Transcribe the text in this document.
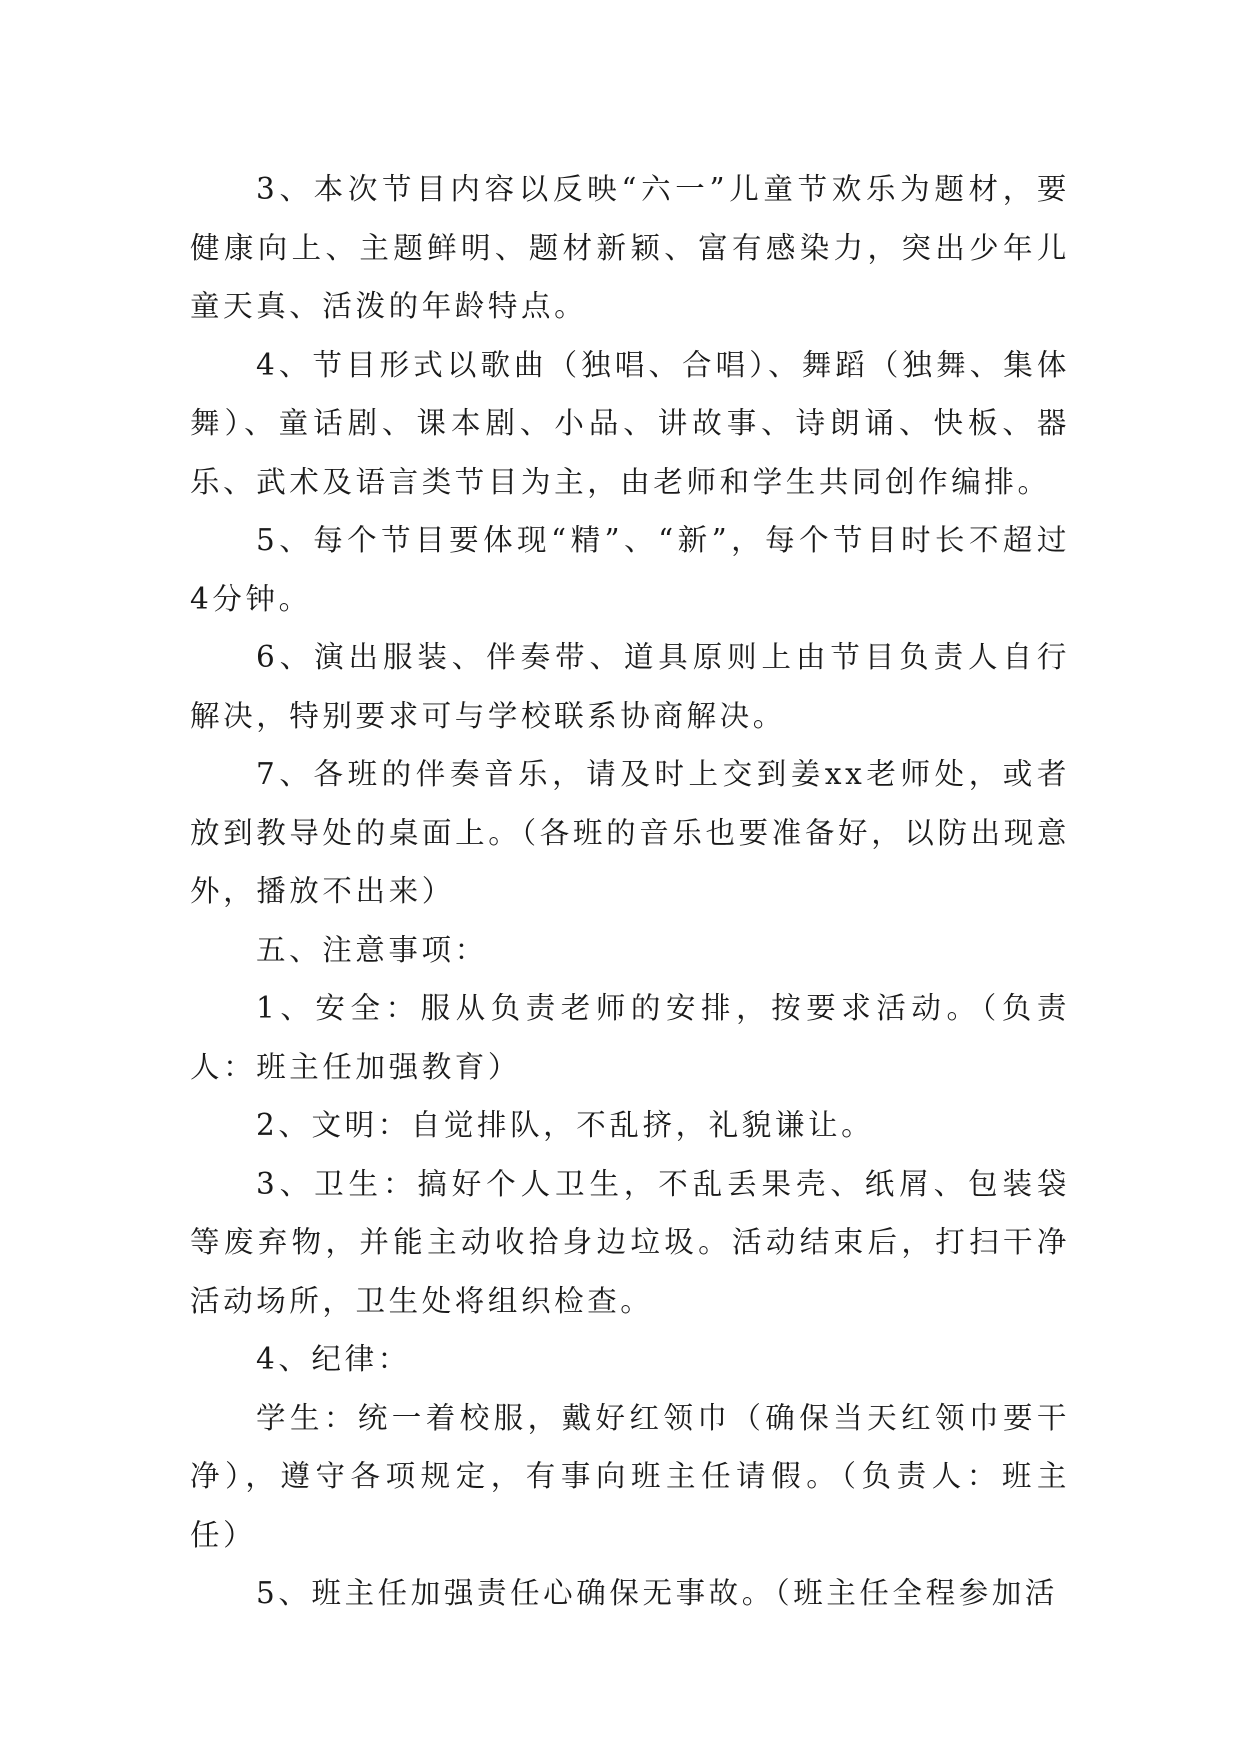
3、本次节目内容以反映“六一”儿童节欢乐为题材，要健康向上、主题鲜明、题材新颖、富有感染力，突出少年儿童天真、活泼的年龄特点。

4、节目形式以歌曲（独唱、合唱）、舞蹈（独舞、集体舞）、童话剧、课本剧、小品、讲故事、诗朗诵、快板、器乐、武术及语言类节目为主，由老师和学生共同创作编排。

5、每个节目要体现“精”、“新”，每个节目时长不超过4分钟。

6、演出服装、伴奏带、道具原则上由节目负责人自行解决，特别要求可与学校联系协商解决。

7、各班的伴奏音乐，请及时上交到姜xx老师处，或者放到教导处的桌面上。（各班的音乐也要准备好，以防出现意外，播放不出来）

五、注意事项：

1、安全：服从负责老师的安排，按要求活动。（负责人：班主任加强教育）

2、文明：自觉排队，不乱挤，礼貌谦让。

3、卫生：搞好个人卫生，不乱丢果壳、纸屑、包装袋等废弃物，并能主动收拾身边垃圾。活动结束后，打扫干净活动场所，卫生处将组织检查。

4、纪律：

学生：统一着校服，戴好红领巾（确保当天红领巾要干净），遵守各项规定，有事向班主任请假。（负责人：班主任）

5、班主任加强责任心确保无事故。（班主任全程参加活
